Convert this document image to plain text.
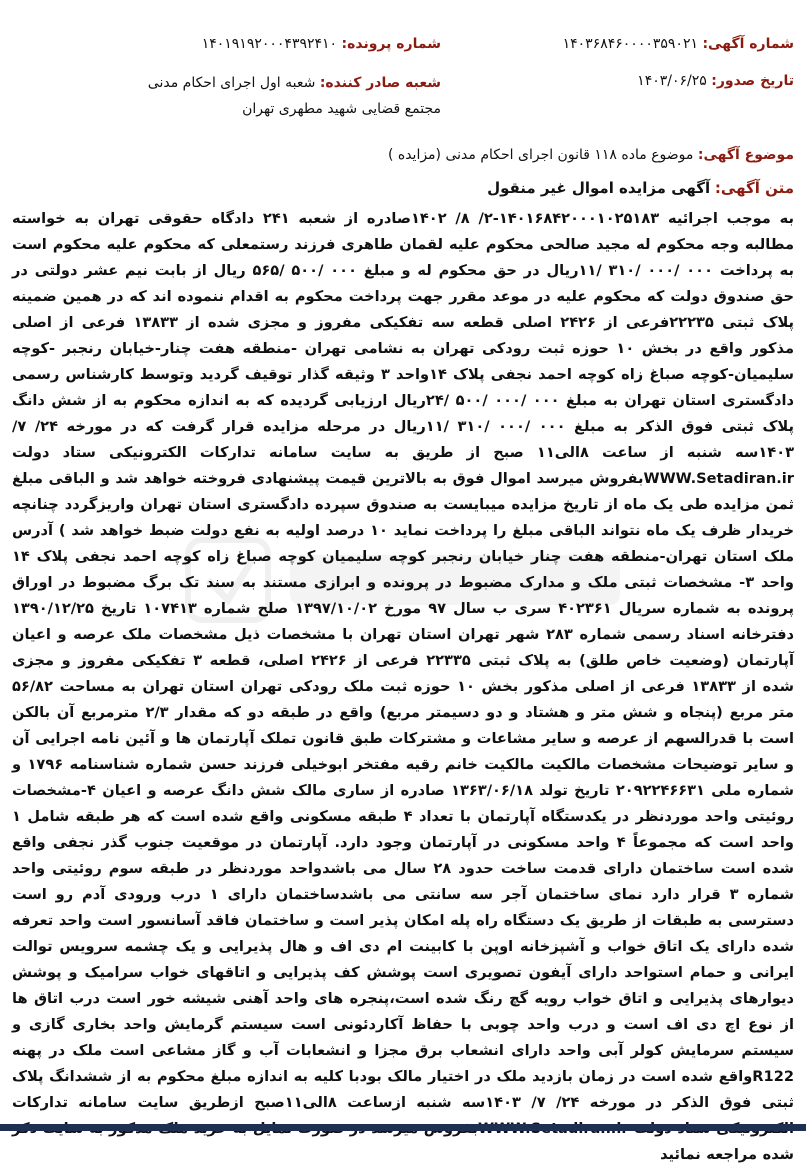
شماره آگهی: ۱۴۰۳۶۸۴۶۰۰۰۰۳۵۹۰۲۱
شماره پرونده: ۱۴۰۱۹۱۹۲۰۰۰۴۳۹۲۴۱۰
تاریخ صدور: ۱۴۰۳/۰۶/۲۵
شعبه صادر کننده: شعبه اول اجرای احکام مدنی مجتمع قضایی شهید مطهری تهران
موضوع آگهی: موضوع ماده ۱۱۸ قانون اجرای احکام مدنی (مزایده )
متن آگهی: آگهی مزایده اموال غیر منقول
به موجب اجرائیه ۱۴۰۱۶۸۴۲۰۰۰۱۰۲۵۱۸۳-۲/ ۸/ ۱۴۰۲صادره از شعبه ۲۴۱ دادگاه حقوقی تهران به خواسته مطالبه وجه محکوم له مجید صالحی محکوم علیه لقمان طاهری فرزند رستمعلی که محکوم علیه محکوم است به پرداخت ۰۰۰ /۰۰۰ /۳۱۰ /۱۱ریال در حق محکوم له و مبلغ ۰۰۰ /۵۰۰ /۵۶۵ ریال از بابت نیم عشر دولتی در حق صندوق دولت که محکوم علیه در موعد مقرر جهت پرداخت محکوم به اقدام ننموده اند که در همین ضمینه پلاک ثبتی ۲۲۲۳۵فرعی از ۲۴۲۶ اصلی قطعه سه تفکیکی مفروز و مجزی شده از ۱۳۸۳۳ فرعی از اصلی مذکور واقع در بخش ۱۰ حوزه ثبت رودکی تهران به نشامی تهران -منطقه هفت چنار-خیابان رنجبر -کوچه سلیمیان-کوچه صباغ زاه کوچه احمد نجفی پلاک ۱۴واحد ۳ وثیقه گذار توقیف گردید وتوسط کارشناس رسمی دادگستری استان تهران به مبلغ ۰۰۰ /۰۰۰ /۵۰۰ /۲۴ریال ارزیابی گردیده که به اندازه محکوم به از شش دانگ پلاک ثبتی فوق الذکر به مبلغ ۰۰۰ /۰۰۰ /۳۱۰ /۱۱ریال در مرحله مزایده قرار گرفت که در مورخه ۲۴/ ۷/ ۱۴۰۳سه شنبه از ساعت ۸الی۱۱ صبح از طریق به سایت سامانه تدارکات الکترونیکی ستاد دولت WWW.Setadiran.irبفروش میرسد اموال فوق به بالاترین قیمت پیشنهادی فروخته خواهد شد و الباقی مبلغ ثمن مزایده طی یک ماه از تاریخ مزایده میبایست به صندوق سپرده دادگستری استان تهران واریزگردد چنانچه خریدار ظرف یک ماه نتواند الباقی مبلغ را پرداخت نماید ۱۰ درصد اولیه به نفع دولت ضبط خواهد شد ) آدرس ملک استان تهران-منطقه هفت چنار خیابان رنجبر کوچه سلیمیان کوچه صباغ زاه کوچه احمد نجفی پلاک ۱۴ واحد ۳- مشخصات ثبتی ملک و مدارک مضبوط در پرونده و ابرازی مستند به سند تک برگ مضبوط در اوراق پرونده به شماره سریال ۴۰۲۳۶۱ سری ب سال ۹۷ مورخ ۱۳۹۷/۱۰/۰۲ صلح شماره ۱۰۷۴۱۳ تاریخ ۱۳۹۰/۱۲/۲۵ دفترخانه اسناد رسمی شماره ۲۸۳ شهر تهران استان تهران با مشخصات ذیل مشخصات ملک عرصه و اعیان آپارتمان (وضعیت خاص طلق) به پلاک ثبتی ۲۲۳۳۵ فرعی از ۲۴۲۶ اصلی، قطعه ۳ تفکیکی مفروز و مجزی شده از ۱۳۸۳۳ فرعی از اصلی مذکور بخش ۱۰ حوزه ثبت ملک رودکی تهران استان تهران به مساحت ۵۶/۸۲ متر مربع (پنجاه و شش متر و هشتاد و دو دسیمتر مربع) واقع در طبقه دو که مقدار ۲/۳ مترمربع آن بالکن است با قدرالسهم از عرصه و سایر مشاعات و مشترکات طبق قانون تملک آپارتمان ها و آئین نامه اجرایی آن و سایر توضیحات مشخصات مالکیت مالکیت خانم رقیه مفتخر ابوخیلی فرزند حسن شماره شناسنامه ۱۷۹۶ و شماره ملی ۲۰۹۲۲۴۶۶۳۱ تاریخ تولد ۱۳۶۳/۰۶/۱۸ صادره از ساری مالک شش دانگ عرصه و اعیان ۴-مشخصات روئیتی واحد موردنظر در یکدستگاه آپارتمان با تعداد ۴ طبقه مسکونی واقع شده است که هر طبقه شامل ۱ واحد است که مجموعاً ۴ واحد مسکونی در آپارتمان وجود دارد. آپارتمان در موقعیت جنوب گذر نجفی واقع شده است ساختمان دارای قدمت ساخت حدود ۲۸ سال می باشدواحد موردنظر در طبقه سوم روئیتی واحد شماره ۳ قرار دارد نمای ساختمان آجر سه سانتی می باشدساختمان دارای ۱ درب ورودی آدم رو است دسترسی به طبقات از طریق یک دستگاه راه پله امکان پذیر است و ساختمان فاقد آسانسور است واحد تعرفه شده دارای یک اتاق خواب و آشپزخانه اوپن با کابینت ام دی اف و هال پذیرایی و یک چشمه سرویس توالت ایرانی و حمام استواحد دارای آیفون تصویری است پوشش کف پذیرایی و اتاقهای خواب سرامیک و پوشش دیوارهای پذیرایی و اتاق خواب رویه گچ رنگ شده است،پنجره های واحد آهنی شیشه خور است درب اتاق ها از نوع اچ دی اف است و درب واحد چوبی با حفاظ آکاردئونی است سیستم گرمایش واحد بخاری گازی و سیستم سرمایش کولر آبی واحد دارای انشعاب برق مجزا و انشعابات آب و گاز مشاعی است ملک در پهنه R122واقع شده است در زمان بازدید ملک در اختیار مالک بودبا کلیه به اندازه مبلغ محکوم به از ششدانگ پلاک ثبتی فوق الذکر در مورخه ۲۴/ ۷/ ۱۴۰۳سه شنبه ازساعت ۸الی۱۱صبح ازطریق سایت سامانه تدارکات شده مراجعه نمائید
